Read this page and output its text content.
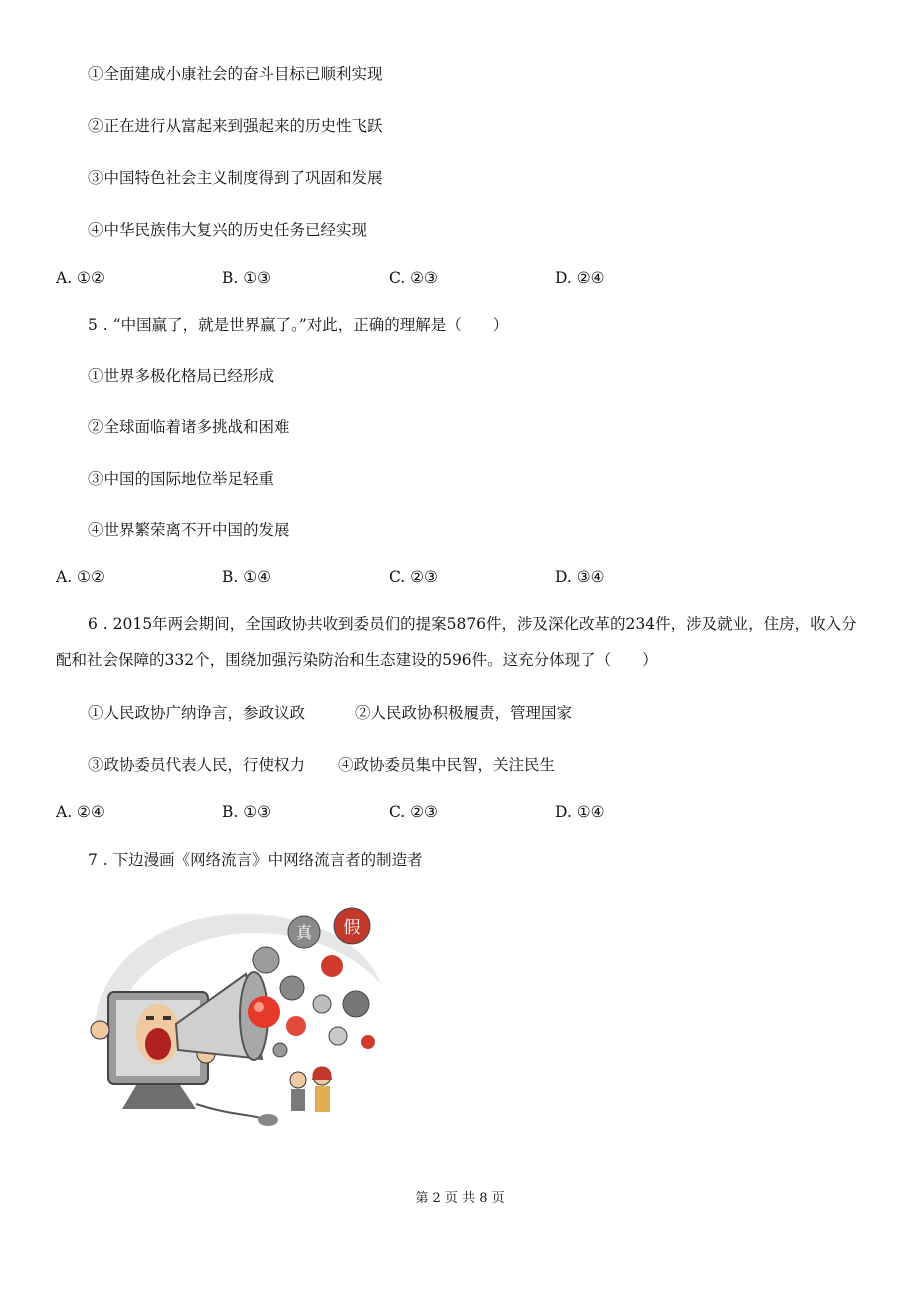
①全面建成小康社会的奋斗目标已顺利实现
②正在进行从富起来到强起来的历史性飞跃
③中国特色社会主义制度得到了巩固和发展
④中华民族伟大复兴的历史任务已经实现
A. ①②	B. ①③	C. ②③	D. ②④
5 . “中国赢了，就是世界赢了。”对此，正确的理解是（　　）
①世界多极化格局已经形成
②全球面临着诸多挑战和困难
③中国的国际地位举足轻重
④世界繁荣离不开中国的发展
A. ①②	B. ①④	C. ②③	D. ③④
6 . 2015年两会期间，全国政协共收到委员们的提案5876件，涉及深化改革的234件，涉及就业，住房，收入分配和社会保障的332个，围绕加强污染防治和生态建设的596件。这充分体现了（　　）
①人民政协广纳诤言，参政议政	②人民政协积极履责，管理国家
③政协委员代表人民，行使权力 ④政协委员集中民智，关注民生
A. ②④	B. ①③	C. ②③	D. ①④
7 . 下边漫画《网络流言》中网络流言者的制造者
真 假
第 2 页 共 8 页
